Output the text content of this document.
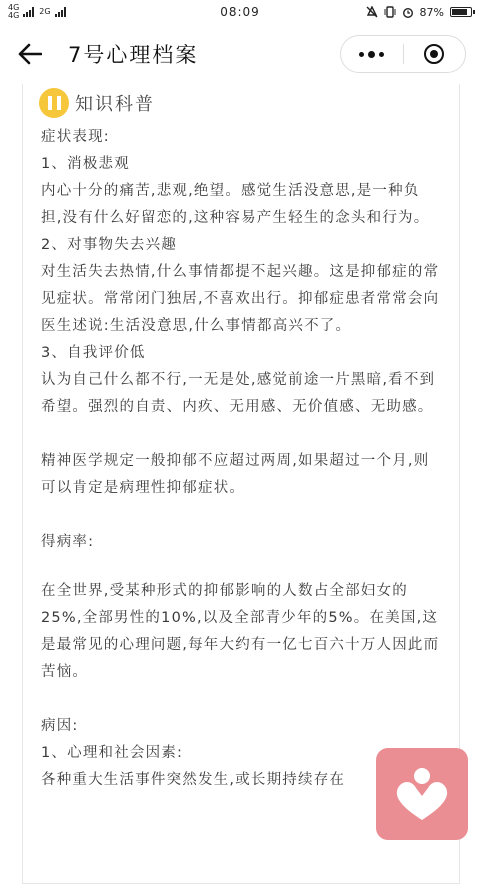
4G
4G	2G	08:09	87%
7号心理档案
知识科普

症状表现:

1、消极悲观

内心十分的痛苦,悲观,绝望。感觉生活没意思,是一种负担,没有什么好留恋的,这种容易产生轻生的念头和行为。

2、对事物失去兴趣

对生活失去热情,什么事情都提不起兴趣。这是抑郁症的常见症状。常常闭门独居,不喜欢出行。抑郁症患者常常会向医生述说:生活没意思,什么事情都高兴不了。

3、自我评价低

认为自己什么都不行,一无是处,感觉前途一片黑暗,看不到希望。强烈的自责、内疚、无用感、无价值感、无助感。

精神医学规定一般抑郁不应超过两周,如果超过一个月,则可以肯定是病理性抑郁症状。

得病率:

在全世界,受某种形式的抑郁影响的人数占全部妇女的25%,全部男性的10%,以及全部青少年的5%。在美国,这是最常见的心理问题,每年大约有一亿七百六十万人因此而苦恼。

病因:

1、心理和社会因素:

各种重大生活事件突然发生,或长期持续存在
